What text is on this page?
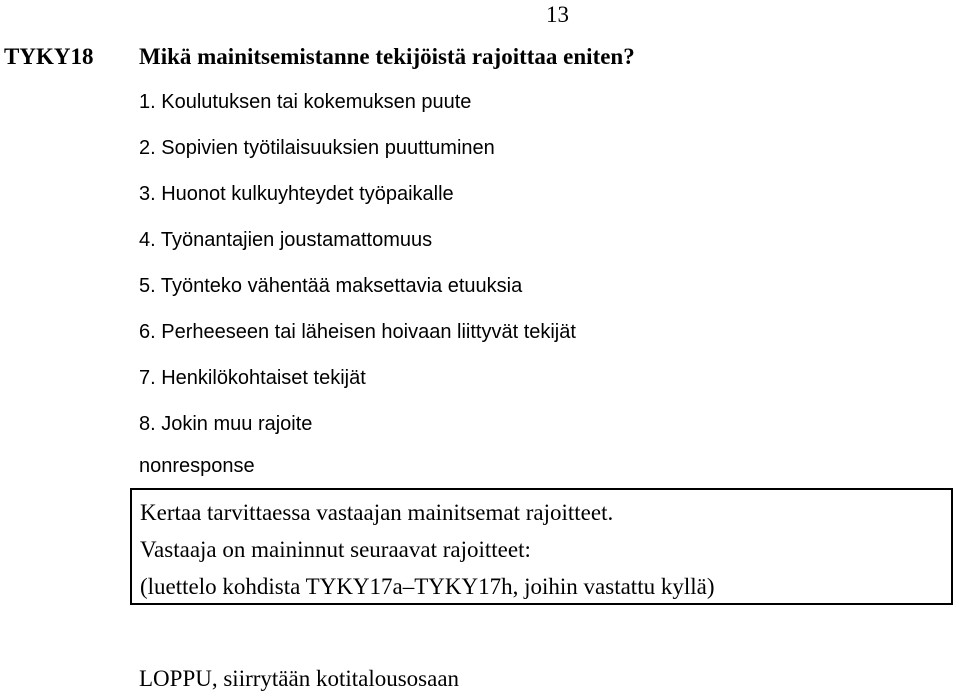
13
TYKY18 Mikä mainitsemistanne tekijöistä rajoittaa eniten?
1. Koulutuksen tai kokemuksen puute
2. Sopivien työtilaisuuksien puuttuminen
3. Huonot kulkuyhteydet työpaikalle
4. Työnantajien joustamattomuus
5. Työnteko vähentää maksettavia etuuksia
6. Perheeseen tai läheisen hoivaan liittyvät tekijät
7. Henkilökohtaiset tekijät
8. Jokin muu rajoite
nonresponse
Kertaa tarvittaessa vastaajan mainitsemat rajoitteet.
Vastaaja on maininnut seuraavat rajoitteet:
(luettelo kohdista TYKY17a–TYKY17h, joihin vastattu kyllä)
LOPPU, siirrytään kotitalousosaan
